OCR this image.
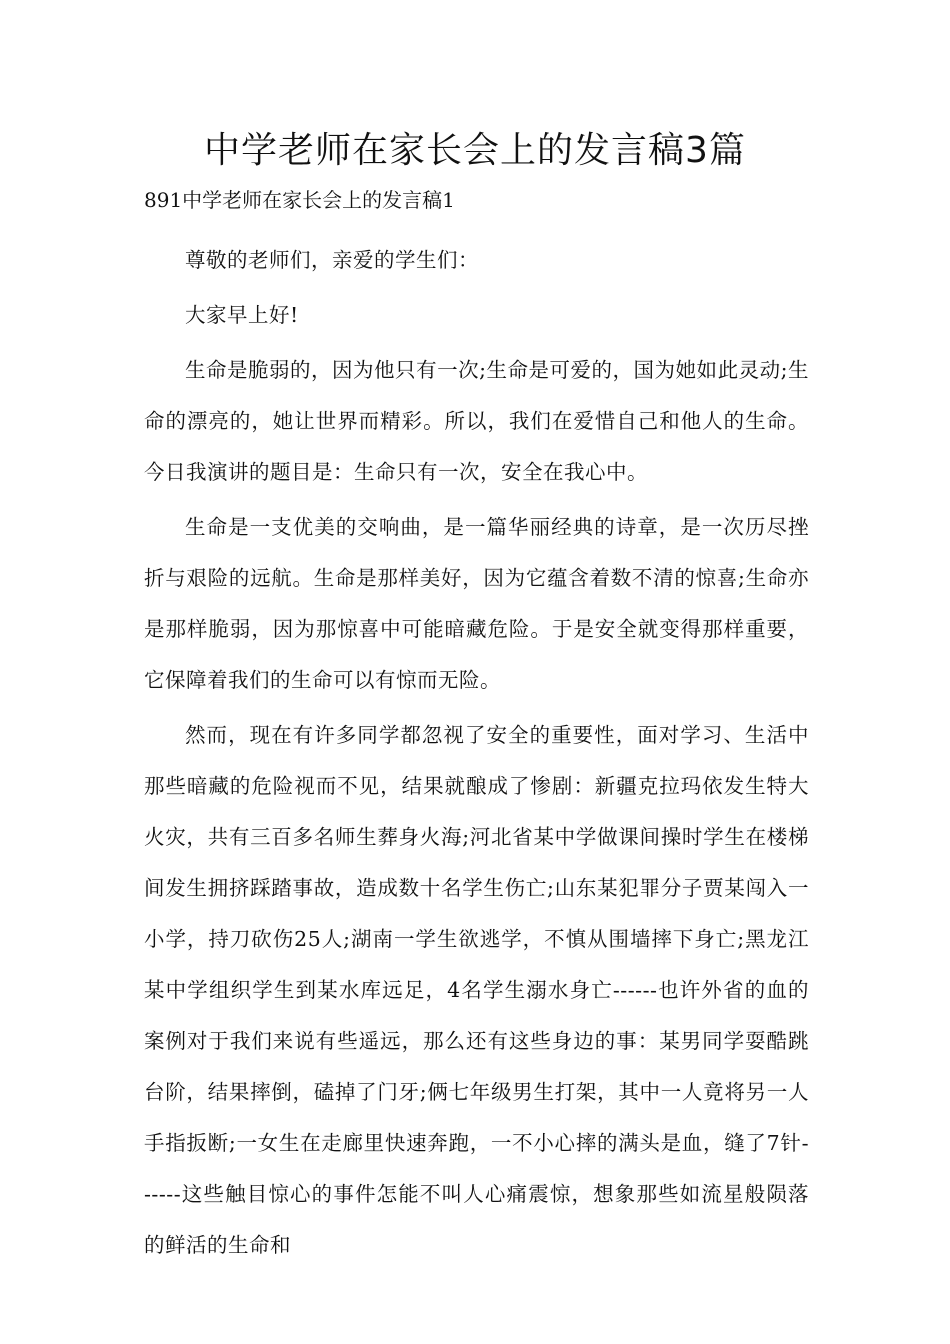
中学老师在家长会上的发言稿3篇

891中学老师在家长会上的发言稿1

尊敬的老师们，亲爱的学生们：

大家早上好!

生命是脆弱的，因为他只有一次;生命是可爱的，国为她如此灵动;生命的漂亮的，她让世界而精彩。所以，我们在爱惜自己和他人的生命。今日我演讲的题目是：生命只有一次，安全在我心中。

生命是一支优美的交响曲，是一篇华丽经典的诗章，是一次历尽挫折与艰险的远航。生命是那样美好，因为它蕴含着数不清的惊喜;生命亦是那样脆弱，因为那惊喜中可能暗藏危险。于是安全就变得那样重要，它保障着我们的生命可以有惊而无险。

然而，现在有许多同学都忽视了安全的重要性，面对学习、生活中那些暗藏的危险视而不见，结果就酿成了惨剧：新疆克拉玛依发生特大火灾，共有三百多名师生葬身火海;河北省某中学做课间操时学生在楼梯间发生拥挤踩踏事故，造成数十名学生伤亡;山东某犯罪分子贾某闯入一小学，持刀砍伤25人;湖南一学生欲逃学，不慎从围墙摔下身亡;黑龙江某中学组织学生到某水库远足，4名学生溺水身亡------也许外省的血的案例对于我们来说有些遥远，那么还有这些身边的事：某男同学耍酷跳台阶，结果摔倒，磕掉了门牙;俩七年级男生打架，其中一人竟将另一人手指扳断;一女生在走廊里快速奔跑，一不小心摔的满头是血，缝了7针------这些触目惊心的事件怎能不叫人心痛震惊，想象那些如流星般陨落的鲜活的生命和
